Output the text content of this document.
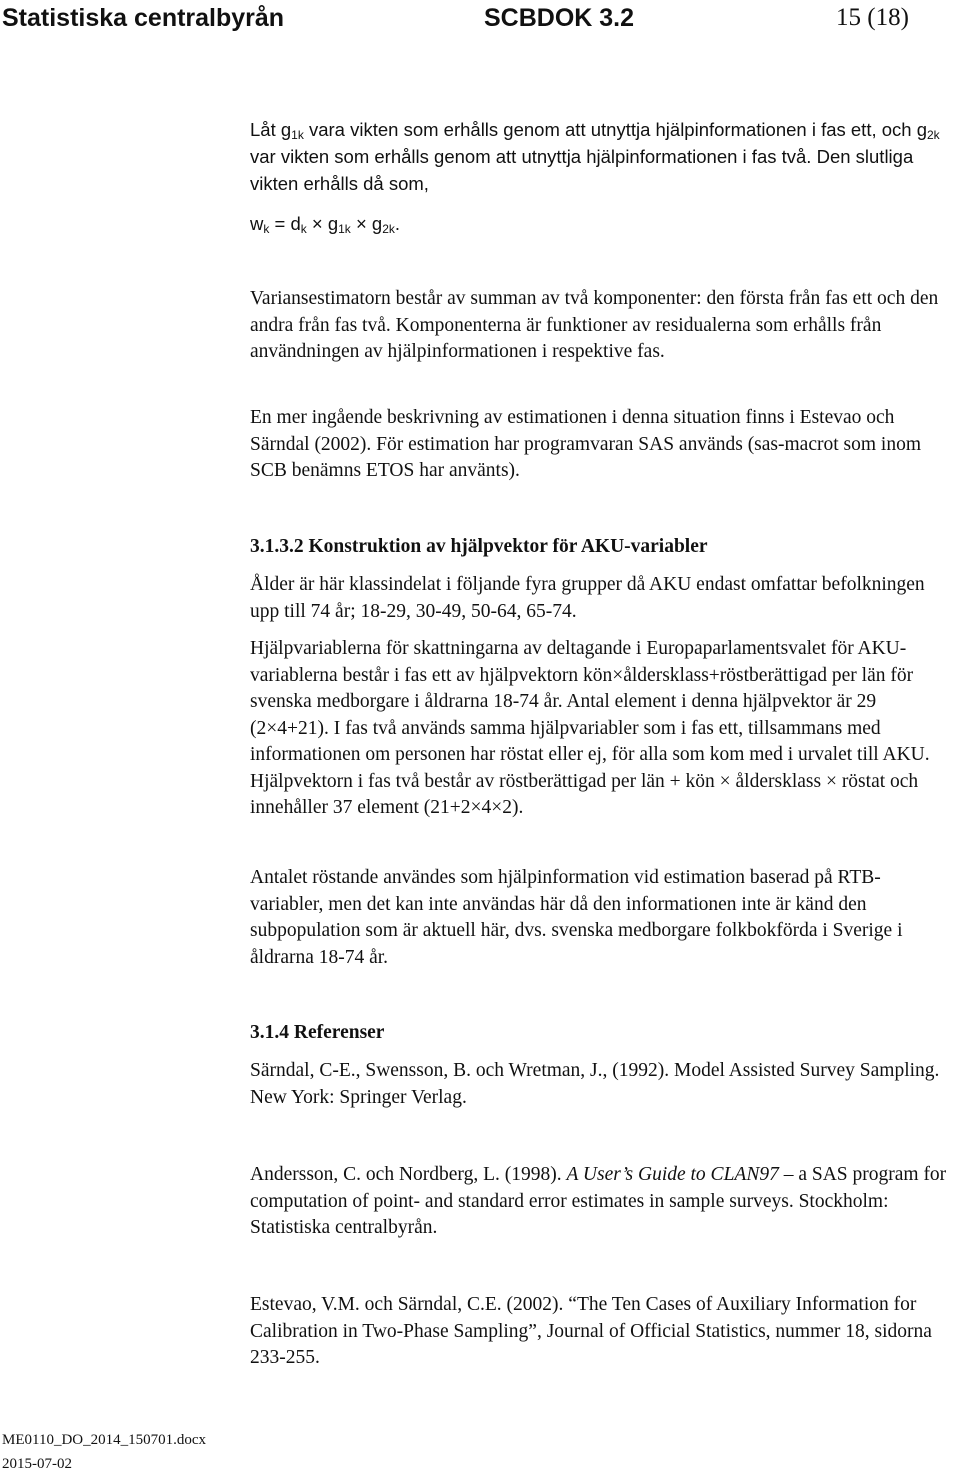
Statistiska centralbyrån	SCBDOK 3.2	15 (18)
Låt $g_{1k}$ vara vikten som erhålls genom att utnyttja hjälpinformationen i fas ett, och $g_{2k}$ var vikten som erhålls genom att utnyttja hjälpinformationen i fas två. Den slutliga vikten erhålls då som,
$w_k = d_k \times g_{1k} \times g_{2k}$.
Variansestimatorn består av summan av två komponenter: den första från fas ett och den andra från fas två. Komponenterna är funktioner av residualerna som erhålls från användningen av hjälpinformationen i respektive fas.
En mer ingående beskrivning av estimationen i denna situation finns i Estevao och Särndal (2002). För estimation har programvaran SAS används (sas-macrot som inom SCB benämns ETOS har använts).
3.1.3.2 Konstruktion av hjälpvektor för AKU-variabler
Ålder är här klassindelat i följande fyra grupper då AKU endast omfattar befolkningen upp till 74 år; 18-29, 30-49, 50-64, 65-74.
Hjälpvariablerna för skattningarna av deltagande i Europaparlamentsvalet för AKU-variablerna består i fas ett av hjälpvektorn kön×åldersklass+röstberättigad per län för svenska medborgare i åldrarna 18-74 år. Antal element i denna hjälpvektor är 29 (2×4+21). I fas två används samma hjälpvariabler som i fas ett, tillsammans med informationen om personen har röstat eller ej, för alla som kom med i urvalet till AKU. Hjälpvektorn i fas två består av röstberättigad per län + kön × åldersklass × röstat och innehåller 37 element (21+2×4×2).
Antalet röstande användes som hjälpinformation vid estimation baserad på RTB-variabler, men det kan inte användas här då den informationen inte är känd den subpopulation som är aktuell här, dvs. svenska medborgare folkbokförda i Sverige i åldrarna 18-74 år.
3.1.4 Referenser
Särndal, C-E., Swensson, B. och Wretman, J., (1992). Model Assisted Survey Sampling. New York: Springer Verlag.
Andersson, C. och Nordberg, L. (1998). A User’s Guide to CLAN97 – a SAS program for computation of point- and standard error estimates in sample surveys. Stockholm: Statistiska centralbyrån.
Estevao, V.M. och Särndal, C.E. (2002). “The Ten Cases of Auxiliary Information for Calibration in Two-Phase Sampling”, Journal of Official Statistics, nummer 18, sidorna 233-255.
ME0110_DO_2014_150701.docx
2015-07-02
